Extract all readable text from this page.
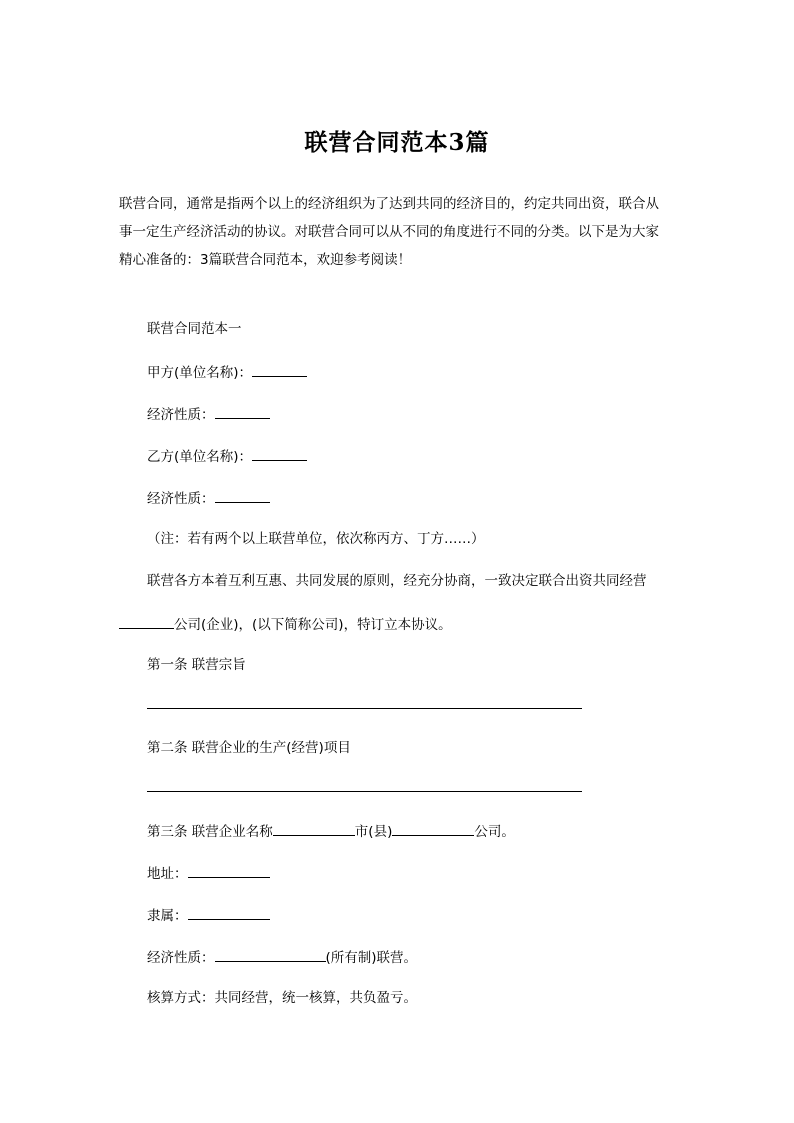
联营合同范本3篇

联营合同，通常是指两个以上的经济组织为了达到共同的经济目的，约定共同出资，联合从

事一定生产经济活动的协议。对联营合同可以从不同的角度进行不同的分类。以下是为大家

精心准备的：3篇联营合同范本，欢迎参考阅读！

联营合同范本一
甲方(单位名称)：
经济性质：
乙方(单位名称)：
经济性质：
（注：若有两个以上联营单位，依次称丙方、丁方……）
联营各方本着互利互惠、共同发展的原则，经充分协商，一致决定联合出资共同经营
公司(企业)，(以下简称公司)，特订立本协议。
第一条 联营宗旨
第二条 联营企业的生产(经营)项目
第三条 联营企业名称	市(县)	公司。
地址：
隶属：
经济性质：	(所有制)联营。
核算方式：共同经营，统一核算，共负盈亏。
